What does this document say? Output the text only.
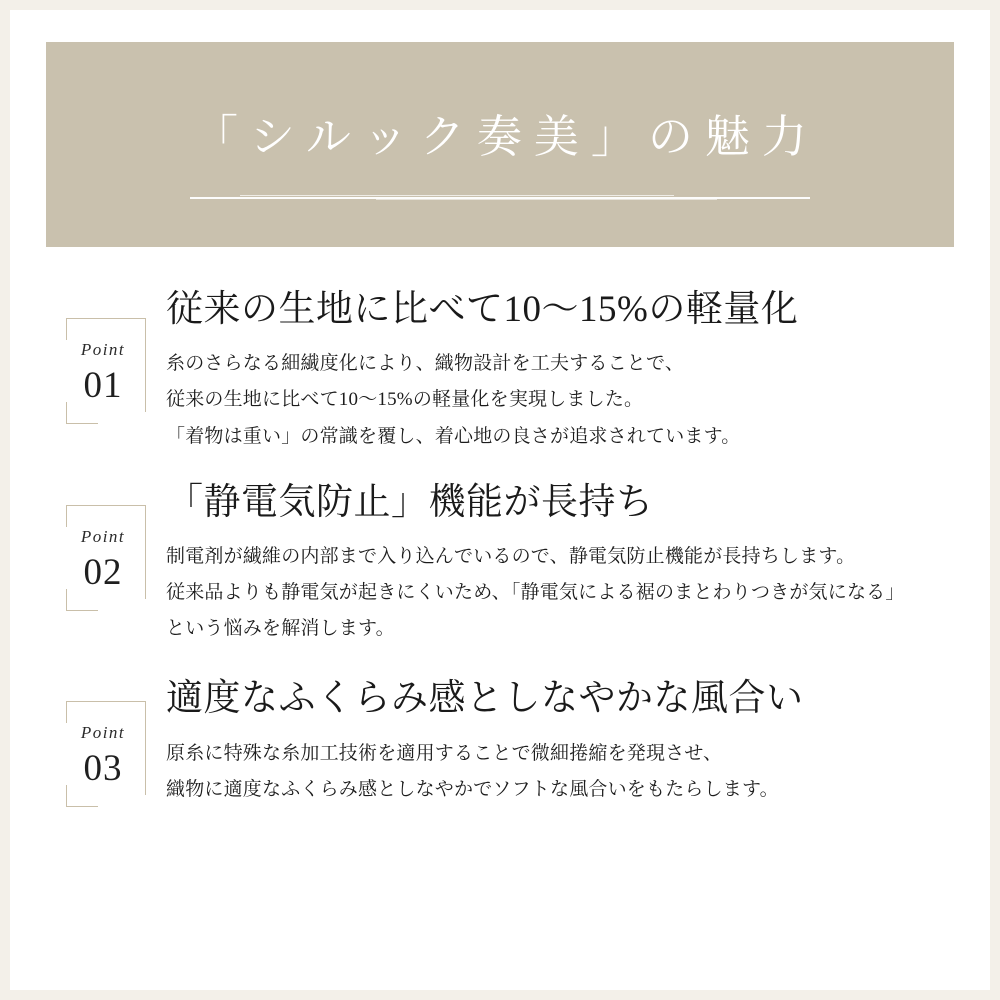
「シルック奏美」の魅力
Point
01
従来の生地に比べて10〜15%の軽量化
糸のさらなる細繊度化により、織物設計を工夫することで、
従来の生地に比べて10〜15%の軽量化を実現しました。
「着物は重い」の常識を覆し、着心地の良さが追求されています。
Point
02
「静電気防止」機能が長持ち
制電剤が繊維の内部まで入り込んでいるので、静電気防止機能が長持ちします。
従来品よりも静電気が起きにくいため、「静電気による裾のまとわりつきが気になる」
という悩みを解消します。
Point
03
適度なふくらみ感としなやかな風合い
原糸に特殊な糸加工技術を適用することで微細捲縮を発現させ、
織物に適度なふくらみ感としなやかでソフトな風合いをもたらします。
